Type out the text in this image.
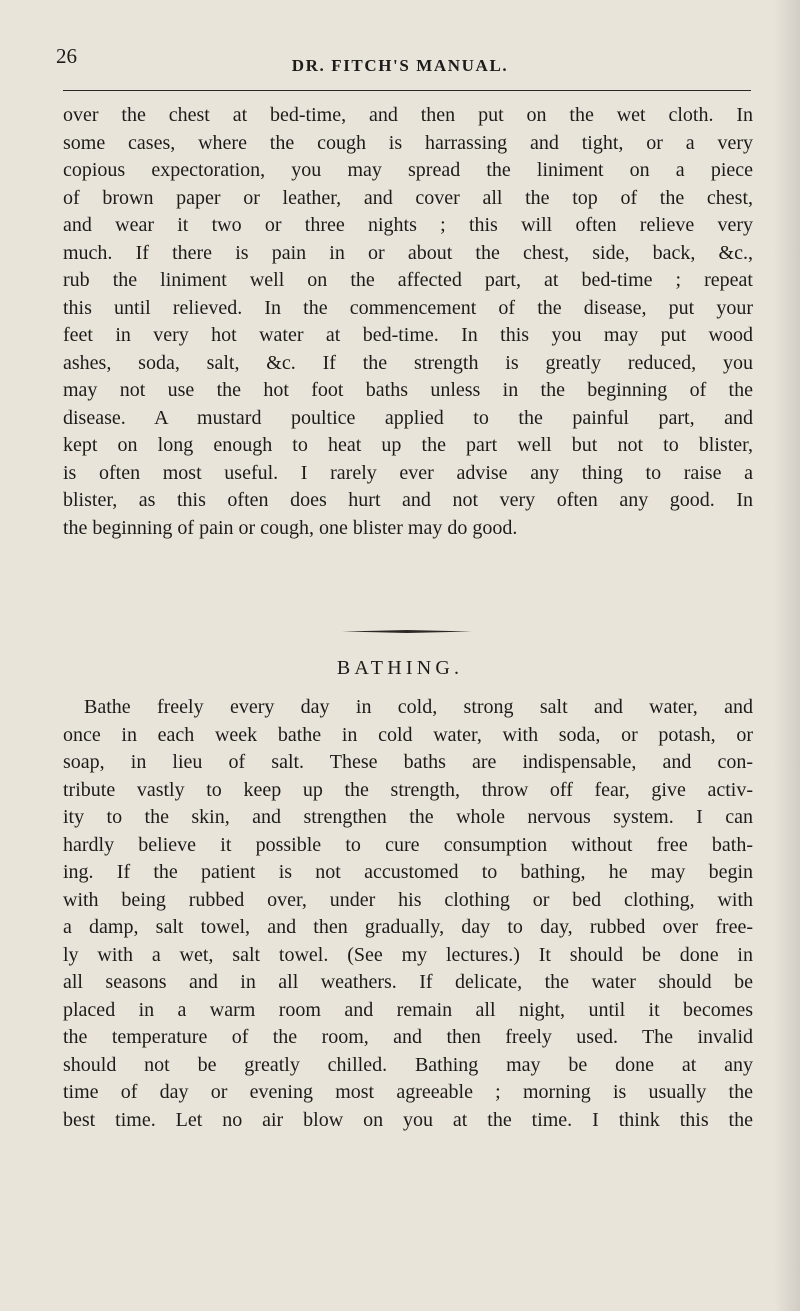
26	DR. FITCH'S MANUAL.
over the chest at bed-time, and then put on the wet cloth. In
some cases, where the cough is harrassing and tight, or a very
copious expectoration, you may spread the liniment on a piece
of brown paper or leather, and cover all the top of the chest,
and wear it two or three nights ; this will often relieve very
much. If there is pain in or about the chest, side, back, &c.,
rub the liniment well on the affected part, at bed-time ; repeat
this until relieved. In the commencement of the disease, put your
feet in very hot water at bed-time. In this you may put wood
ashes, soda, salt, &c. If the strength is greatly reduced, you
may not use the hot foot baths unless in the beginning of the
disease. A mustard poultice applied to the painful part, and
kept on long enough to heat up the part well but not to blister,
is often most useful. I rarely ever advise any thing to raise a
blister, as this often does hurt and not very often any good. In
the beginning of pain or cough, one blister may do good.
BATHING.
Bathe freely every day in cold, strong salt and water, and
once in each week bathe in cold water, with soda, or potash, or
soap, in lieu of salt. These baths are indispensable, and con-
tribute vastly to keep up the strength, throw off fear, give activ-
ity to the skin, and strengthen the whole nervous system. I can
hardly believe it possible to cure consumption without free bath-
ing. If the patient is not accustomed to bathing, he may begin
with being rubbed over, under his clothing or bed clothing, with
a damp, salt towel, and then gradually, day to day, rubbed over free-
ly with a wet, salt towel. (See my lectures.) It should be done in
all seasons and in all weathers. If delicate, the water should be
placed in a warm room and remain all night, until it becomes
the temperature of the room, and then freely used. The invalid
should not be greatly chilled. Bathing may be done at any
time of day or evening most agreeable ; morning is usually the
best time. Let no air blow on you at the time. I think this the
